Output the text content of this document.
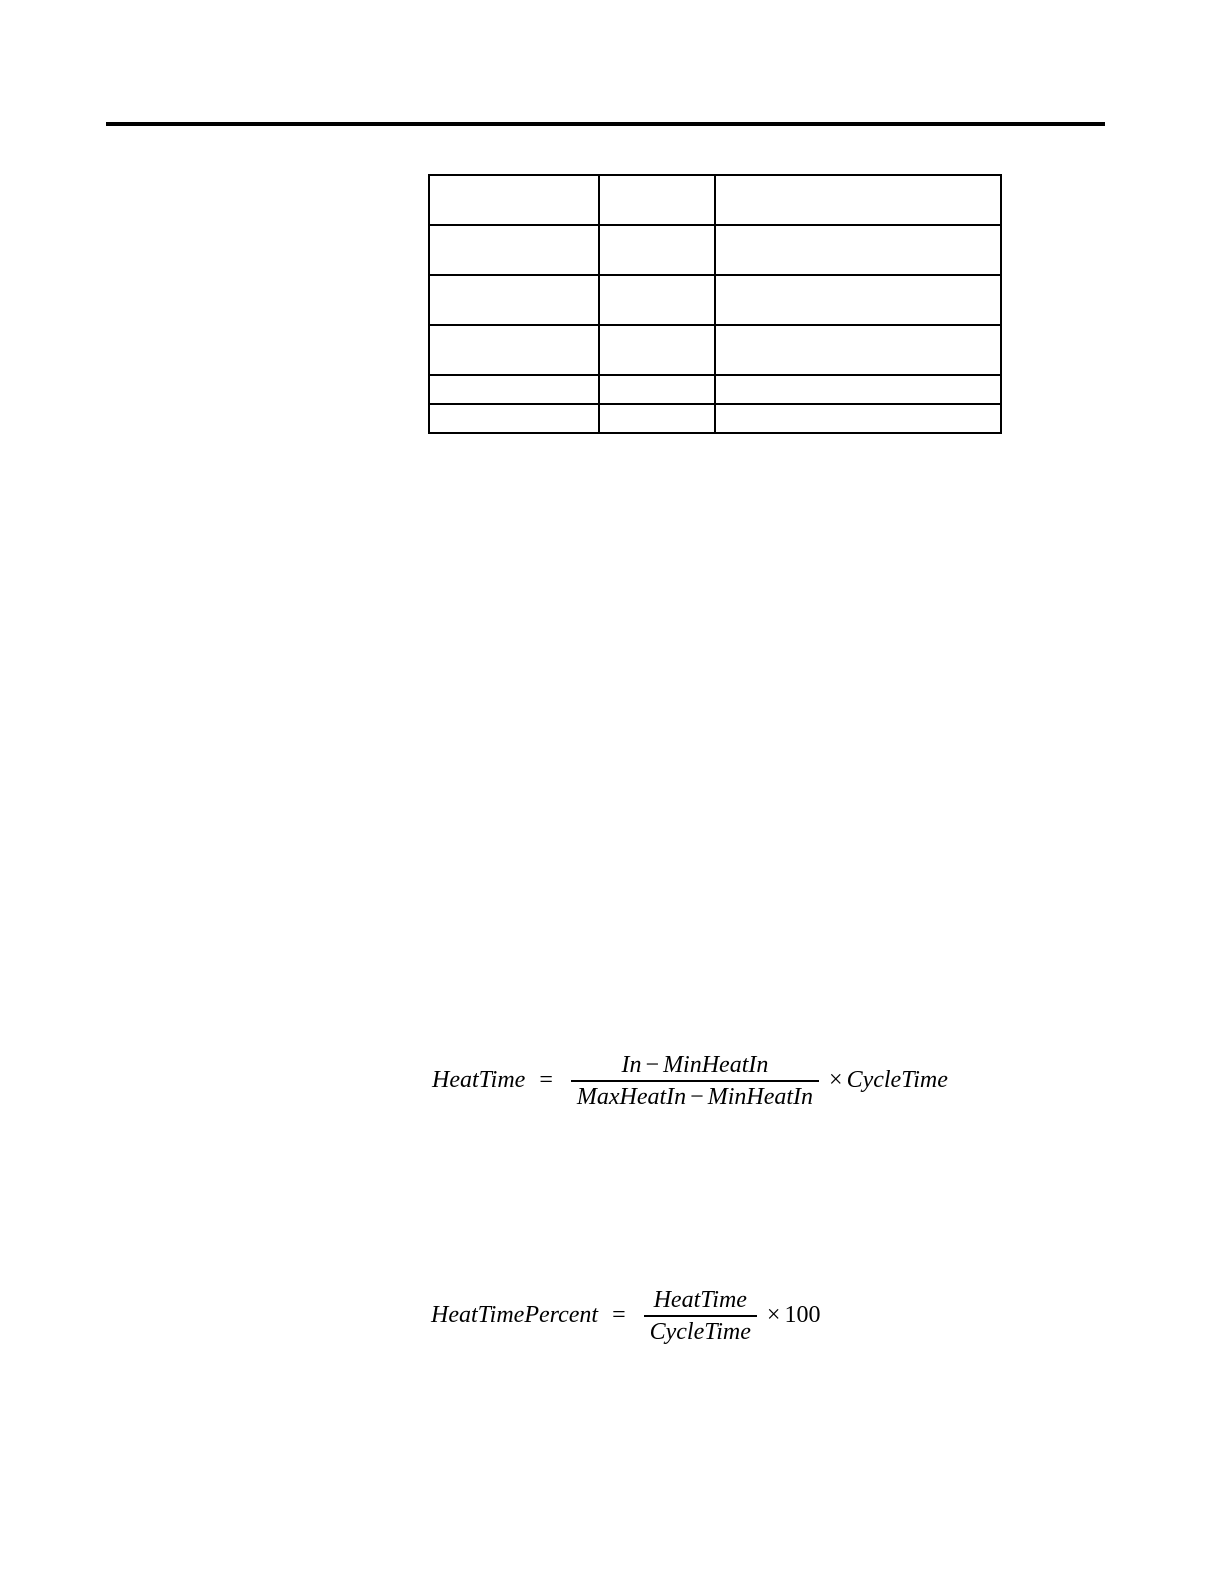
HeatTime = $\frac{\text{In − MinHeatIn}}{\text{MaxHeatIn − MinHeatIn}}$ × CycleTime
HeatTimePercent = $\frac{\text{HeatTime}}{\text{CycleTime}} \times 100$
